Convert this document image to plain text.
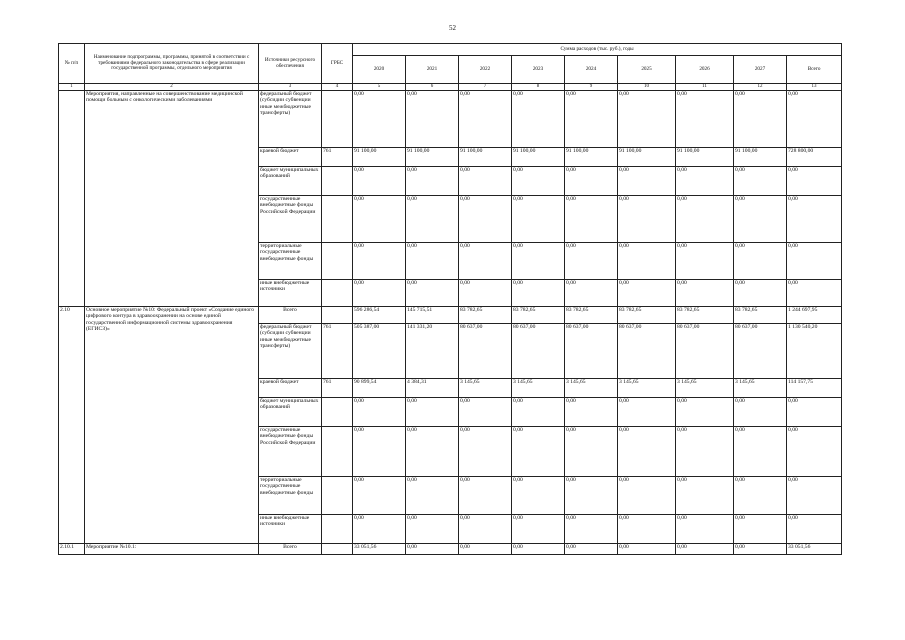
52
№ п/п	Наименование подпрограммы, программы, принятой в соответствии с требованиями федерального законодательства в сфере реализации государственной программы, отдельного мероприятия	Источники ресурсного обеспечения	ГРБС	Сумма расходов (тыс. руб.), годы								
				2020	2021	2022	2023	2024	2025	2026	2027	Всего
1	2	3	4	5	6	7	8	9	10	11	12	13
	Мероприятия, направленные на совершенствование медицинской помощи больным с онкологическими заболеваниями	федеральный бюджет (субсидии субвенции иные межбюджетные трансферты)		0,00	0,00	0,00	0,00	0,00	0,00	0,00	0,00	0,00
		краевой бюджет	761	91 100,00	91 100,00	91 100,00	91 100,00	91 100,00	91 100,00	91 100,00	91 100,00	728 800,00
		бюджет муниципальных образований		0,00	0,00	0,00	0,00	0,00	0,00	0,00	0,00	0,00
		государственные внебюджетные фонды Российской Федерации		0,00	0,00	0,00	0,00	0,00	0,00	0,00	0,00	0,00
		территориальные государственные внебюджетные фонды		0,00	0,00	0,00	0,00	0,00	0,00	0,00	0,00	0,00
		иные внебюджетные источники		0,00	0,00	0,00	0,00	0,00	0,00	0,00	0,00	0,00
2.10	Основное мероприятие №10: Федеральный проект «Создание единого цифрового контура в здравоохранении на основе единой государственной информационной системы здравоохранения (ЕГИСЗ)»	Всего		596 286,54	145 715,51	83 782,65	83 782,65	83 782,65	83 782,65	83 782,65	83 782,65	1 244 697,95
		федеральный бюджет (субсидии субвенции иные межбюджетные трансферты)	761	505 387,00	141 331,20	80 637,00	80 637,00	80 637,00	80 637,00	80 637,00	80 637,00	1 130 540,20
		краевой бюджет	761	90 899,54	4 384,31	3 145,65	3 145,65	3 145,65	3 145,65	3 145,65	3 145,65	114 157,75
		бюджет муниципальных образований		0,00	0,00	0,00	0,00	0,00	0,00	0,00	0,00	0,00
		государственные внебюджетные фонды Российской Федерации		0,00	0,00	0,00	0,00	0,00	0,00	0,00	0,00	0,00
		территориальные государственные внебюджетные фонды		0,00	0,00	0,00	0,00	0,00	0,00	0,00	0,00	0,00
		иные внебюджетные источники		0,00	0,00	0,00	0,00	0,00	0,00	0,00	0,00	0,00
2.10.1	Мероприятие №10.1:	Всего		33 051,56	0,00	0,00	0,00	0,00	0,00	0,00	0,00	33 051,56
